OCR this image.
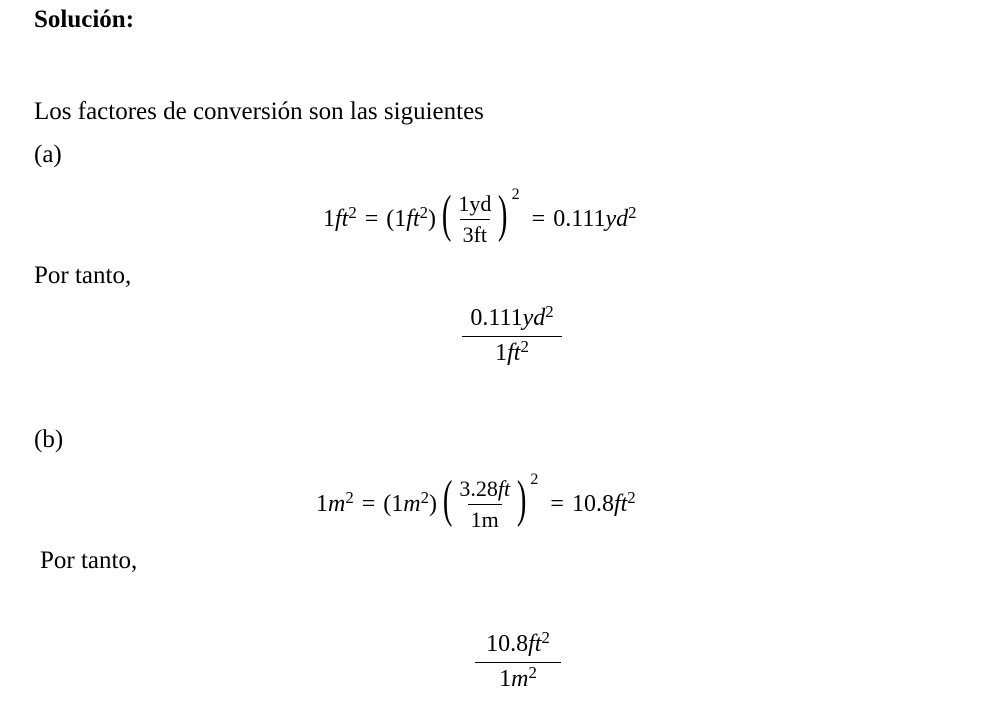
Solución:
Los factores de conversión son las siguientes
(a)
$1ft^2 = (1ft^2)$ ( $\frac{1yd}{3ft}$ ) 2
= $0.111yd^2$
Por tanto,
$\frac{0.111yd^2}{1ft^2}$
(b)
$1m^2 = (1m^2)$ ( $\frac{3.28ft}{1m}$ ) 2
= $10.8ft^2$
Por tanto,
$\frac{10.8ft^2}{1m^2}$
